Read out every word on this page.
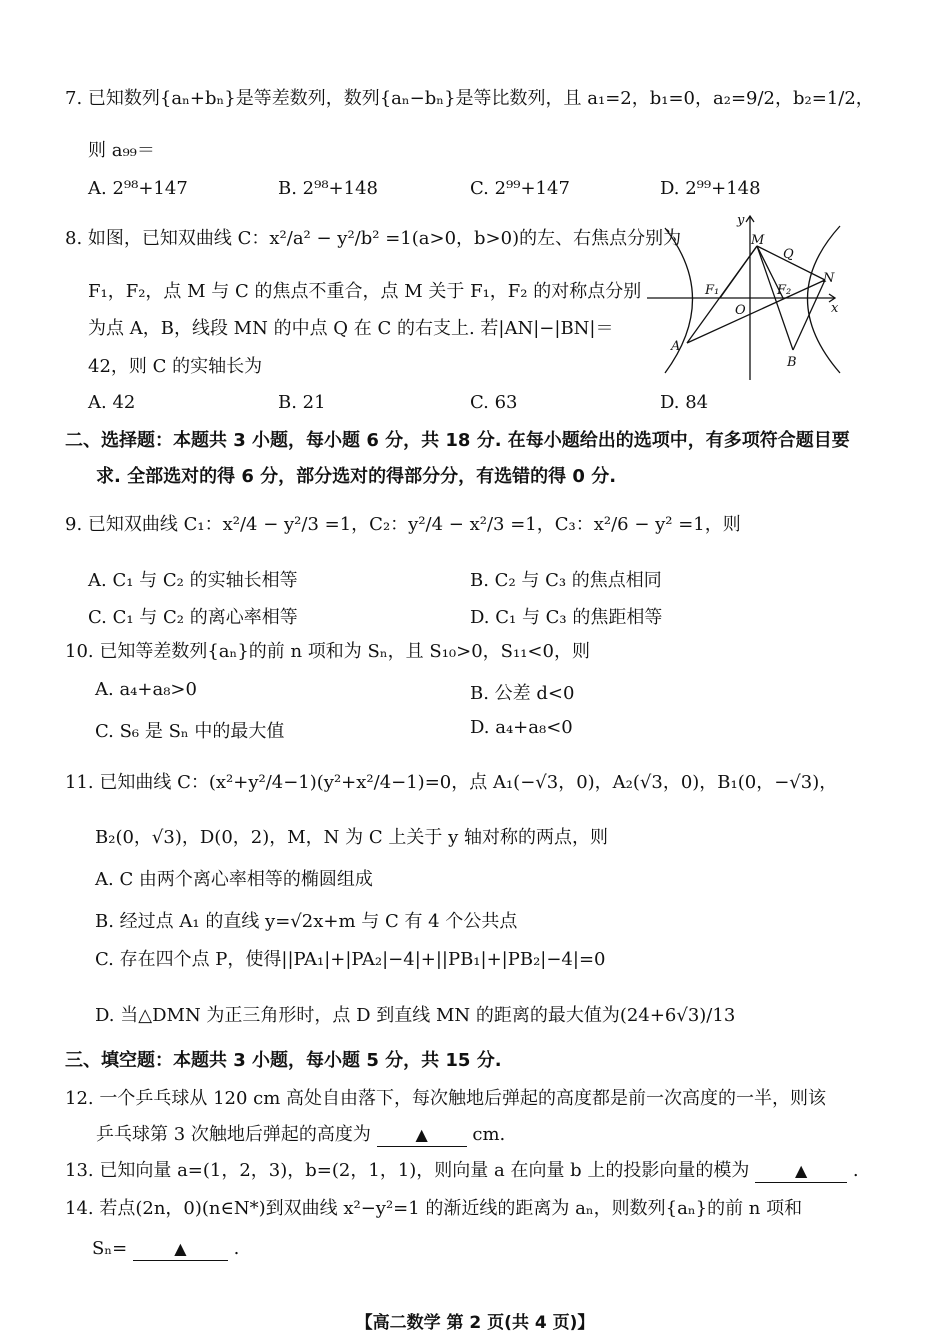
7. 已知数列{aₙ+bₙ}是等差数列，数列{aₙ−bₙ}是等比数列，且 a₁=2，b₁=0，a₂=9/2，b₂=1/2，
则 a₉₉＝
A. 2⁹⁸+147	B. 2⁹⁸+148	C. 2⁹⁹+147	D. 2⁹⁹+148
8. 如图，已知双曲线 C：x²/a² − y²/b² =1(a>0，b>0)的左、右焦点分别为
F₁，F₂，点 M 与 C 的焦点不重合，点 M 关于 F₁，F₂ 的对称点分别
为点 A，B，线段 MN 的中点 Q 在 C 的右支上. 若|AN|−|BN|＝
42，则 C 的实轴长为
A. 42	B. 21	C. 63	D. 84
y
x
M
Q
N
F₁	F₂
O
A
B
二、选择题：本题共 3 小题，每小题 6 分，共 18 分. 在每小题给出的选项中，有多项符合题目要
求. 全部选对的得 6 分，部分选对的得部分分，有选错的得 0 分.
9. 已知双曲线 C₁：x²/4 − y²/3 =1，C₂：y²/4 − x²/3 =1，C₃：x²/6 − y² =1，则
A. C₁ 与 C₂ 的实轴长相等	B. C₂ 与 C₃ 的焦点相同
C. C₁ 与 C₂ 的离心率相等	D. C₁ 与 C₃ 的焦距相等
10. 已知等差数列{aₙ}的前 n 项和为 Sₙ，且 S₁₀>0，S₁₁<0，则
A. a₄+a₈>0	B. 公差 d<0
C. S₆ 是 Sₙ 中的最大值	D. a₄+a₈<0
11. 已知曲线 C：(x²+y²/4−1)(y²+x²/4−1)=0，点 A₁(−√3，0)，A₂(√3，0)，B₁(0，−√3)，
B₂(0，√3)，D(0，2)，M，N 为 C 上关于 y 轴对称的两点，则
A. C 由两个离心率相等的椭圆组成
B. 经过点 A₁ 的直线 y=√2x+m 与 C 有 4 个公共点
C. 存在四个点 P，使得||PA₁|+|PA₂|−4|+||PB₁|+|PB₂|−4|=0
D. 当△DMN 为正三角形时，点 D 到直线 MN 的距离的最大值为(24+6√3)/13
三、填空题：本题共 3 小题，每小题 5 分，共 15 分.
12. 一个乒乓球从 120 cm 高处自由落下，每次触地后弹起的高度都是前一次高度的一半，则该
乒乓球第 3 次触地后弹起的高度为	▲ cm.
13. 已知向量 a=(1，2，3)，b=(2，1，1)，则向量 a 在向量 b 上的投影向量的模为	▲	.
14. 若点(2n，0)(n∈N*)到双曲线 x²−y²=1 的渐近线的距离为 aₙ，则数列{aₙ}的前 n 项和
Sₙ=	▲	.
【高二数学 第 2 页(共 4 页)】
